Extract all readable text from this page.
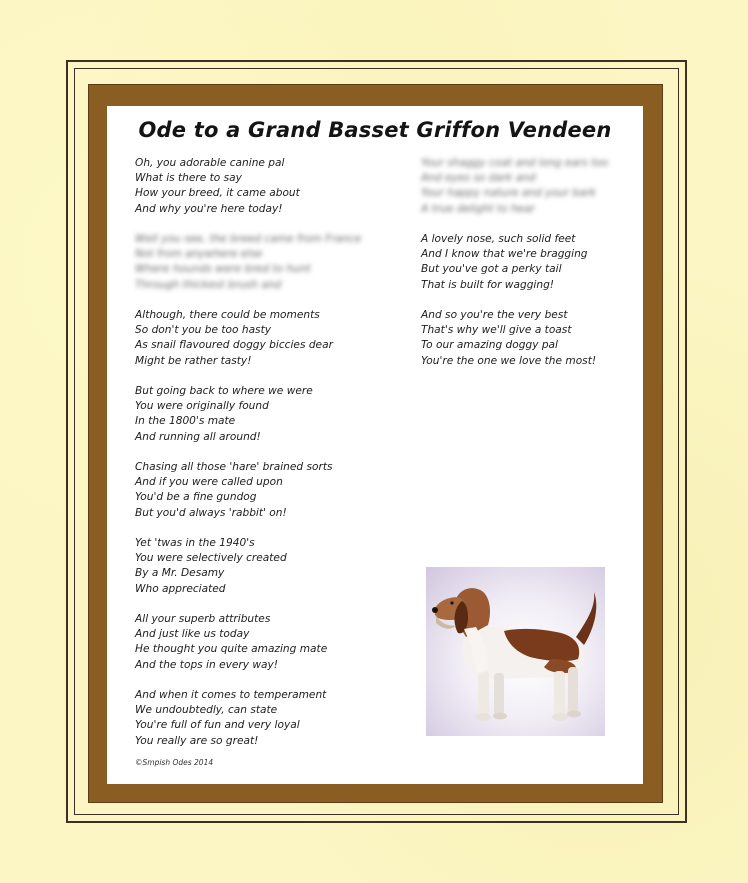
Ode to a Grand Basset Griffon Vendeen
Oh, you adorable canine pal
What is there to say
How your breed, it came about
And why you're here today!
Well you see, the breed came from France
Not from anywhere else
Where hounds were bred to hunt
Through thickest brush and
Although, there could be moments
So don't you be too hasty
As snail flavoured doggy biccies dear
Might be rather tasty!
But going back to where we were
You were originally found
In the 1800's mate
And running all around!
Chasing all those 'hare' brained sorts
And if you were called upon
You'd be a fine gundog
But you'd always 'rabbit' on!
Yet 'twas in the 1940's
You were selectively created
By a Mr. Desamy
Who appreciated
All your superb attributes
And just like us today
He thought you quite amazing mate
And the tops in every way!
And when it comes to temperament
We undoubtedly, can state
You're full of fun and very loyal
You really are so great!
Your shaggy coat and long ears too
And eyes so dark and
Your happy nature and your bark
A true delight to hear
A lovely nose, such solid feet
And I know that we're bragging
But you've got a perky tail
That is built for wagging!
And so you're the very best
That's why we'll give a toast
To our amazing doggy pal
You're the one we love the most!
©Smpish Odes 2014
